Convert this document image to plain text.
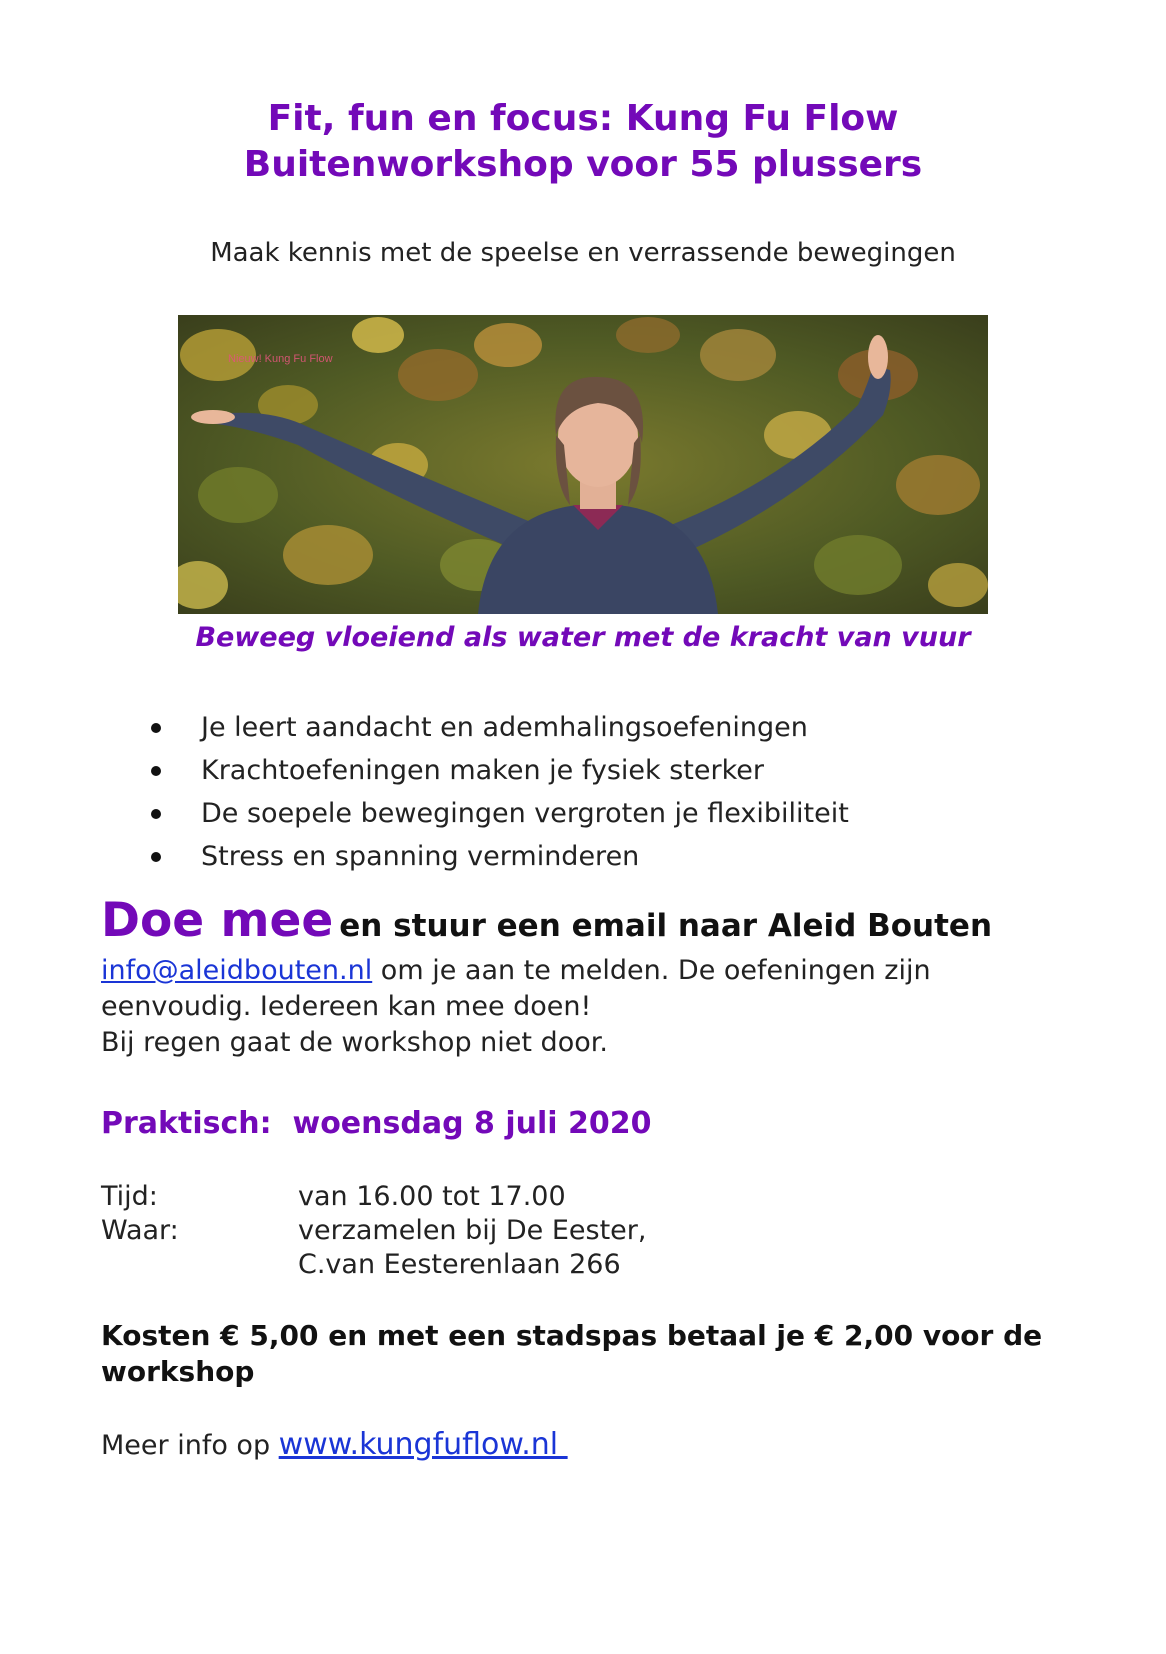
Fit, fun en focus: Kung Fu Flow
Buitenworkshop voor 55 plussers
Maak kennis met de speelse en verrassende bewegingen
Nieuw! Kung Fu Flow
Beweeg vloeiend als water met de kracht van vuur
Je leert aandacht en ademhalingsoefeningen
Krachtoefeningen maken je fysiek sterker
De soepele bewegingen vergroten je flexibiliteit
Stress en spanning verminderen
Doe mee en stuur een email naar Aleid Bouten
info@aleidbouten.nl om je aan te melden. De oefeningen zijn eenvoudig. Iedereen kan mee doen!
Bij regen gaat de workshop niet door.
Praktisch:  woensdag 8 juli 2020
Tijd:	van 16.00 tot 17.00
Waar:	verzamelen bij De Eester,
C.van Eesterenlaan 266
Kosten € 5,00 en met een stadspas betaal je € 2,00 voor de workshop
Meer info op www.kungfuflow.nl
